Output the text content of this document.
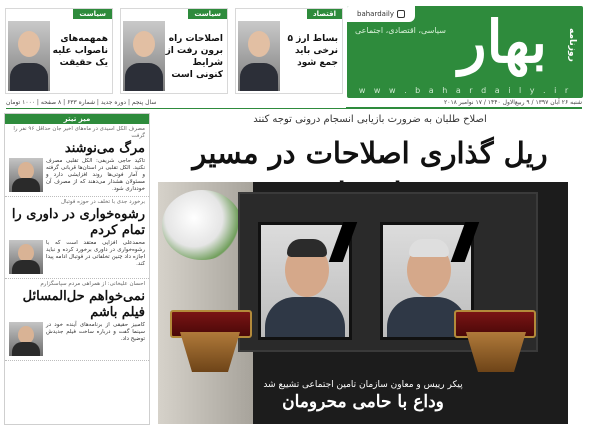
bahardaily
سیاسی، اقتصادی، اجتماعی بهار روزنامه
w w w . b a h a r d a i l y . i r
اقتصاد
بساط ارز ۵ نرخی باید جمع شود
سیاست
اصلاحات راه برون رفت از شرایط کنونی است
سیاست
همهمه‌های ناصواب علیه یک حقیقت
شنبه ۲۶ آبان ۱۳۹۷ / ۹ ربیع‌الاول ۱۴۴۰ / ۱۷ نوامبر ۲۰۱۸
سال پنجم | دوره جدید | شماره ۶۳۳ | ۸ صفحه | ۱۰۰۰ تومان
اصلاح طلبان به ضرورت بازیابی انسجام درونی توجه کنند
ریل گذاری اصلاحات در مسیر
پیکر رییس و معاون سازمان تامین اجتماعی تشییع شد
وداع با حامی محرومان
میز تیتر
مصرف الکل اسیدی در ماه‌های اخیر جان حداقل ۹۶ نفر را گرفت
مرگ می‌نوشند
تاکید حاجی شریفی: الکل تقلبی مصرف نکنید. الکل تقلبی در استان‌ها قربانی گرفته و آمار فوتی‌ها روند افزایشی دارد و مسئولان هشدار می‌دهند که از مصرف آن خودداری شود.
برخورد جدی با تخلف در حوزه فوتبال
رشوه‌خواری در داوری را تمام کردم
محمدعلی افزایی معتقد است که با رشوه‌خواری در داوری برخورد کرده و نباید اجازه داد چنین تخلفاتی در فوتبال ادامه پیدا کند.
احسان علیخانی: از همراهی مردم سپاسگزارم
نمی‌خواهم حل‌المسائل فیلم باشم
کامبیز حقیقی از برنامه‌های آینده خود در سینما گفت و درباره ساخت فیلم جدیدش توضیح داد.
